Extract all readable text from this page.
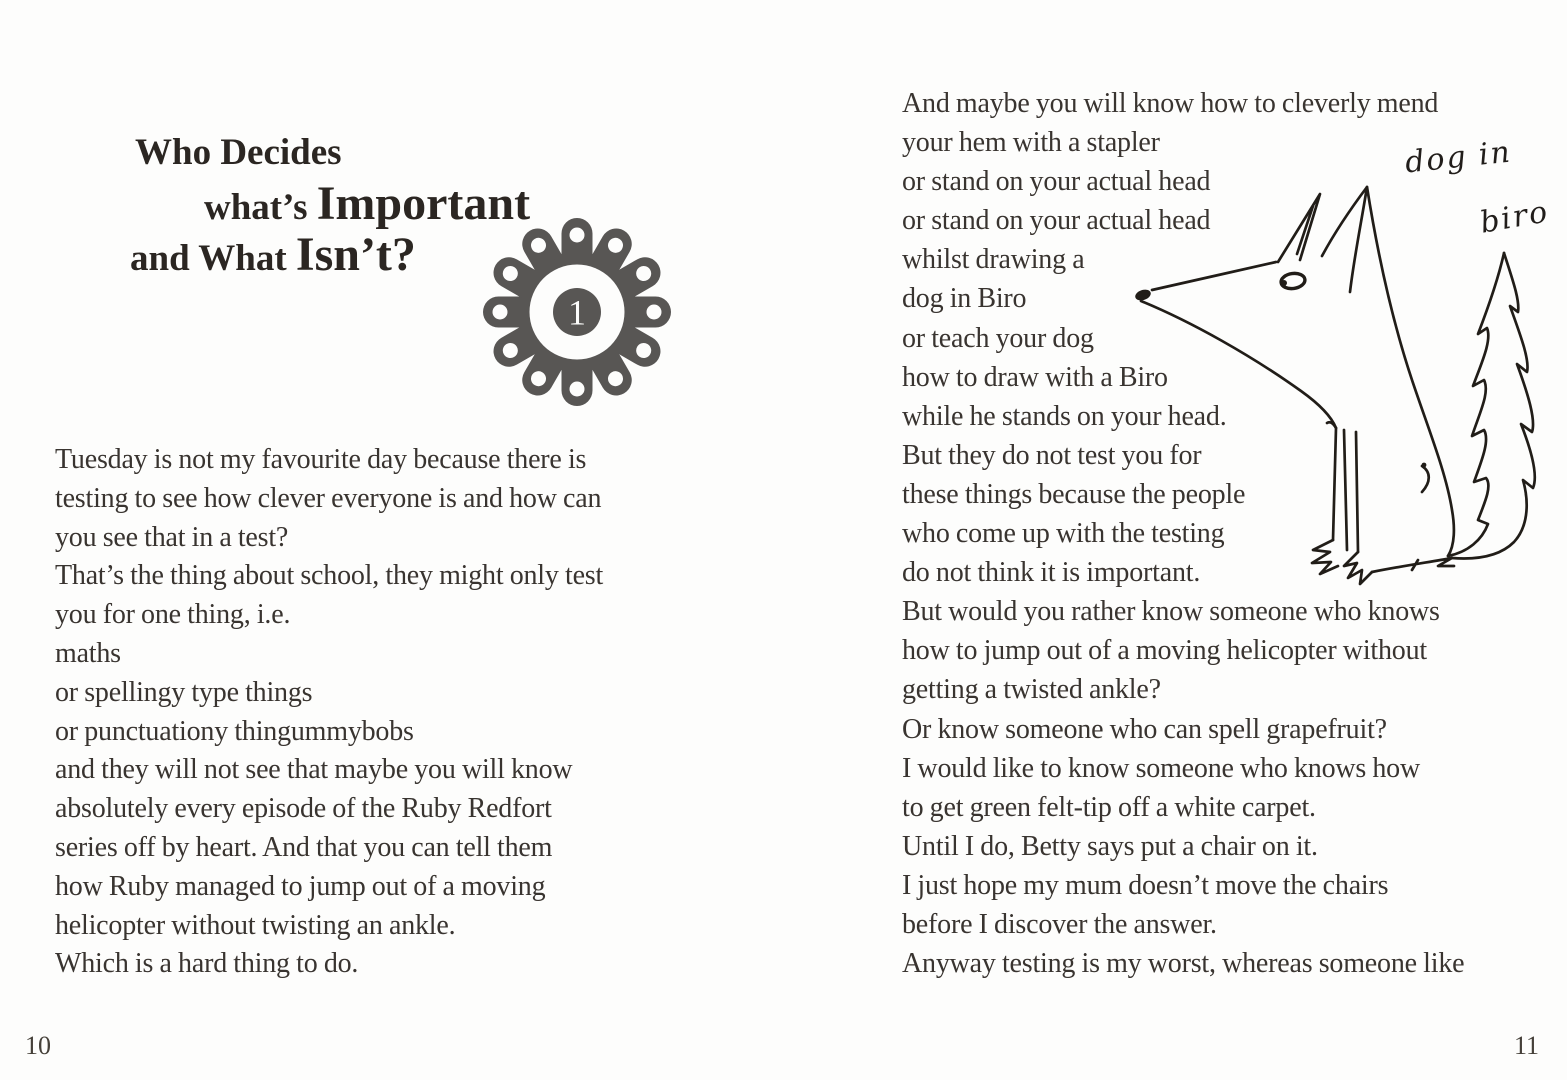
Who Decides
what’s Important
and What Isn’t?
1
Tuesday is not my favourite day because there is
testing to see how clever everyone is and how can
you see that in a test?
That’s the thing about school, they might only test
you for one thing, i.e.
maths
or spellingy type things
or punctuationy thingummybobs
and they will not see that maybe you will know
absolutely every episode of the Ruby Redfort
series off by heart. And that you can tell them
how Ruby managed to jump out of a moving
helicopter without twisting an ankle.
Which is a hard thing to do.
And maybe you will know how to cleverly mend
your hem with a stapler
or stand on your actual head
or stand on your actual head
whilst drawing a
dog in Biro
or teach your dog
how to draw with a Biro
while he stands on your head.
But they do not test you for
these things because the people
who come up with the testing
do not think it is important.
But would you rather know someone who knows
how to jump out of a moving helicopter without
getting a twisted ankle?
Or know someone who can spell grapefruit?
I would like to know someone who knows how
to get green felt-tip off a white carpet.
Until I do, Betty says put a chair on it.
I just hope my mum doesn’t move the chairs
before I discover the answer.
Anyway testing is my worst, whereas someone like
dog in
biro
10	11
